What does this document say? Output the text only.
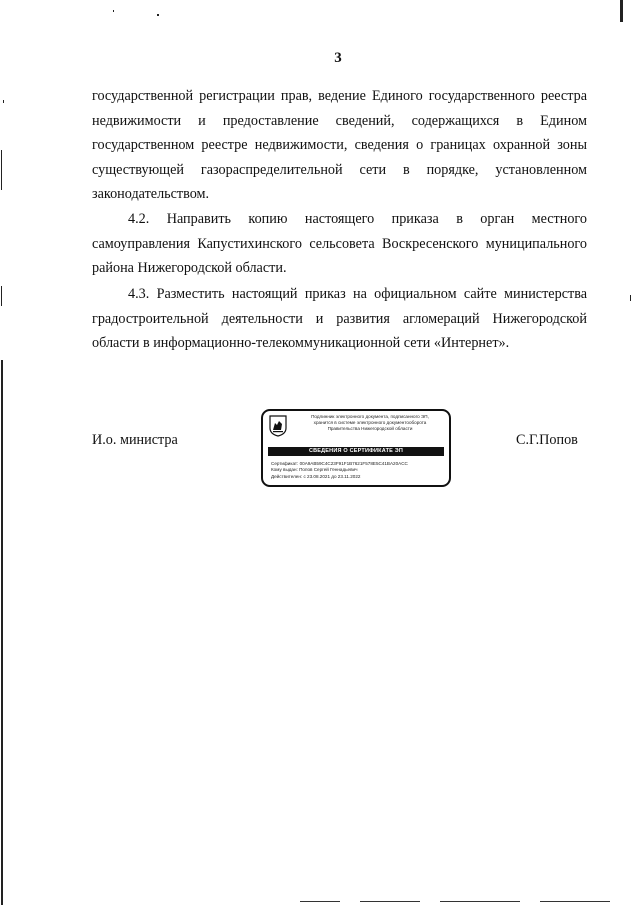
3

государственной регистрации прав, ведение Единого государственного реестра недвижимости и предоставление сведений, содержащихся в Едином государственном реестре недвижимости, сведения о границах охранной зоны существующей газораспределительной сети в порядке, установленном законодательством.

4.2. Направить копию настоящего приказа в орган местного самоуправления Капустихинского сельсовета Воскресенского муниципального района Нижегородской области.

4.3. Разместить настоящий приказ на официальном сайте министерства градостроительной деятельности и развития агломераций Нижегородской области в информационно-телекоммуникационной сети «Интернет».

И.о. министра	С.Г.Попов
Подлинник электронного документа, подписанного ЭП,
хранится в системе электронного документооборота
Правительства Нижегородской области
СВЕДЕНИЯ О СЕРТИФИКАТЕ ЭП
Сертификат: 00A9AB59C4C23F91F1B7621F578E5C41BA20ACC
Кому выдан: Попов Сергей Геннадьевич
Действителен: с 23.08.2021 до 23.11.2022
